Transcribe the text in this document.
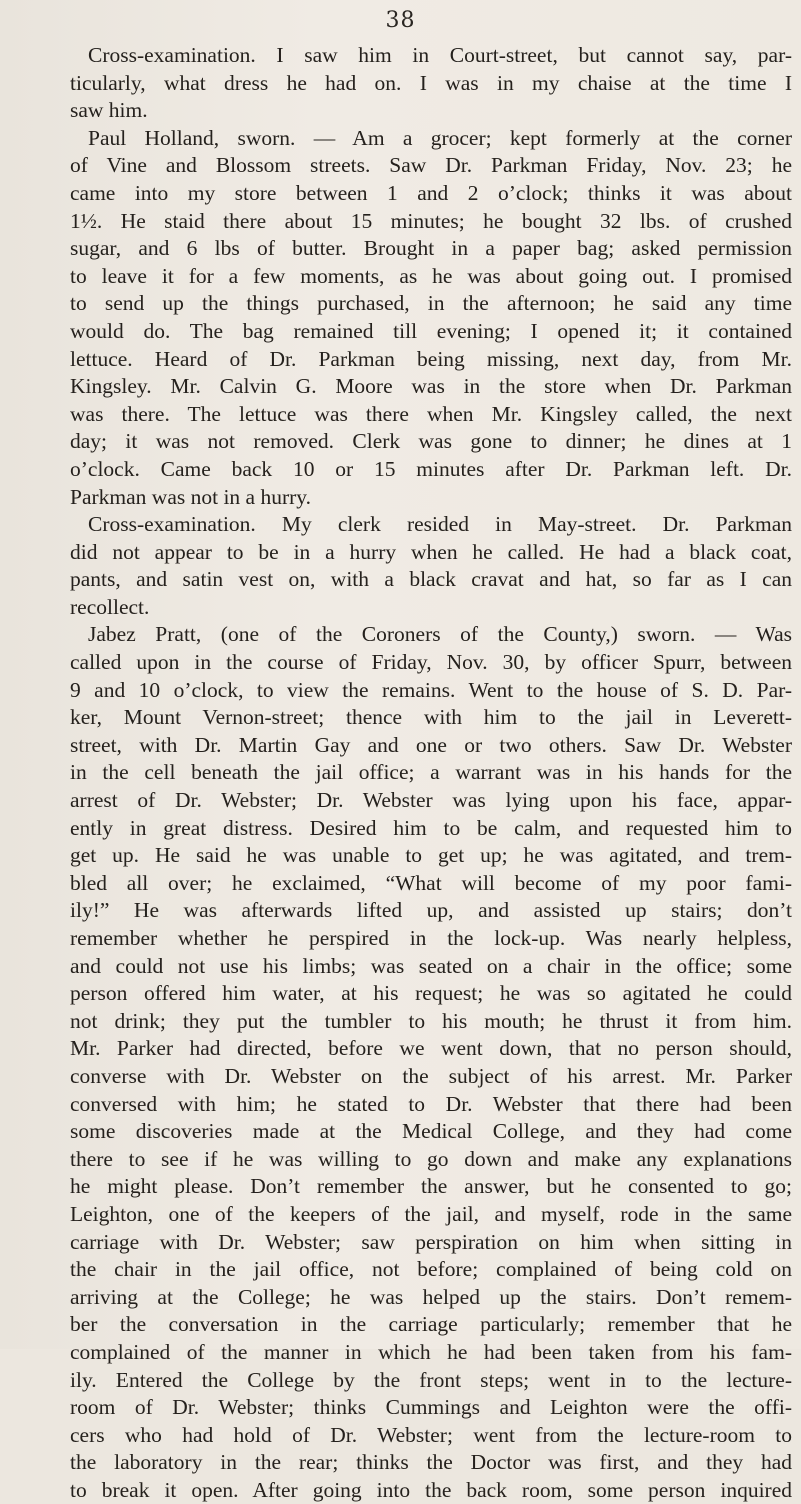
38
Cross-examination. I saw him in Court-street, but cannot say, par-
ticularly, what dress he had on. I was in my chaise at the time I
saw him.
Paul Holland, sworn. — Am a grocer; kept formerly at the corner
of Vine and Blossom streets. Saw Dr. Parkman Friday, Nov. 23; he
came into my store between 1 and 2 o’clock; thinks it was about
1½. He staid there about 15 minutes; he bought 32 lbs. of crushed
sugar, and 6 lbs of butter. Brought in a paper bag; asked permission
to leave it for a few moments, as he was about going out. I promised
to send up the things purchased, in the afternoon; he said any time
would do. The bag remained till evening; I opened it; it contained
lettuce. Heard of Dr. Parkman being missing, next day, from Mr.
Kingsley. Mr. Calvin G. Moore was in the store when Dr. Parkman
was there. The lettuce was there when Mr. Kingsley called, the next
day; it was not removed. Clerk was gone to dinner; he dines at 1
o’clock. Came back 10 or 15 minutes after Dr. Parkman left. Dr.
Parkman was not in a hurry.
Cross-examination. My clerk resided in May-street. Dr. Parkman
did not appear to be in a hurry when he called. He had a black coat,
pants, and satin vest on, with a black cravat and hat, so far as I can
recollect.
Jabez Pratt, (one of the Coroners of the County,) sworn. — Was
called upon in the course of Friday, Nov. 30, by officer Spurr, between
9 and 10 o’clock, to view the remains. Went to the house of S. D. Par-
ker, Mount Vernon-street; thence with him to the jail in Leverett-
street, with Dr. Martin Gay and one or two others. Saw Dr. Webster
in the cell beneath the jail office; a warrant was in his hands for the
arrest of Dr. Webster; Dr. Webster was lying upon his face, appar-
ently in great distress. Desired him to be calm, and requested him to
get up. He said he was unable to get up; he was agitated, and trem-
bled all over; he exclaimed, “What will become of my poor fami-
ily!” He was afterwards lifted up, and assisted up stairs; don’t
remember whether he perspired in the lock-up. Was nearly helpless,
and could not use his limbs; was seated on a chair in the office; some
person offered him water, at his request; he was so agitated he could
not drink; they put the tumbler to his mouth; he thrust it from him.
Mr. Parker had directed, before we went down, that no person should,
converse with Dr. Webster on the subject of his arrest. Mr. Parker
conversed with him; he stated to Dr. Webster that there had been
some discoveries made at the Medical College, and they had come
there to see if he was willing to go down and make any explanations
he might please. Don’t remember the answer, but he consented to go;
Leighton, one of the keepers of the jail, and myself, rode in the same
carriage with Dr. Webster; saw perspiration on him when sitting in
the chair in the jail office, not before; complained of being cold on
arriving at the College; he was helped up the stairs. Don’t remem-
ber the conversation in the carriage particularly; remember that he
complained of the manner in which he had been taken from his fam-
ily. Entered the College by the front steps; went in to the lecture-
room of Dr. Webster; thinks Cummings and Leighton were the offi-
cers who had hold of Dr. Webster; went from the lecture-room to
the laboratory in the rear; thinks the Doctor was first, and they had
to break it open. After going into the back room, some person inquired
